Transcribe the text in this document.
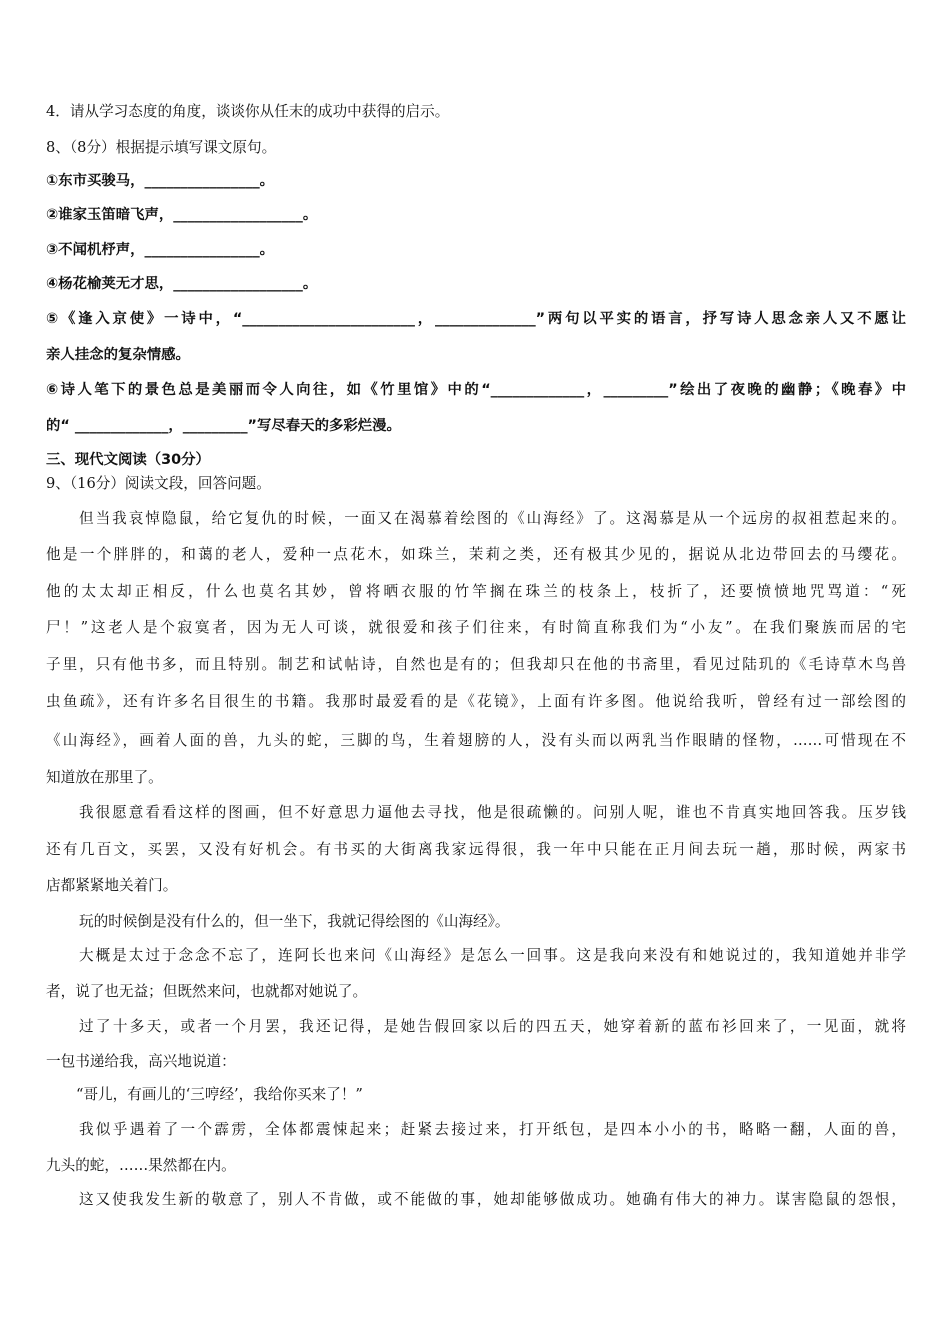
4．请从学习态度的角度，谈谈你从任末的成功中获得的启示。
8、（8分）根据提示填写课文原句。
①东市买骏马，________________。
②谁家玉笛暗飞声，__________________。
③不闻机杼声，________________。
④杨花榆荚无才思，__________________。
⑤《逢入京使》一诗中，“________________________，______________”两句以平实的语言，抒写诗人思念亲人又不愿让
亲人挂念的复杂情感。
⑥诗人笔下的景色总是美丽而令人向往，如《竹里馆》中的“_____________，_________”绘出了夜晚的幽静；《晚春》中
的“ _____________，_________”写尽春天的多彩烂漫。
三、现代文阅读（30分）
9、（16分）阅读文段，回答问题。
但当我哀悼隐鼠，给它复仇的时候，一面又在渴慕着绘图的《山海经》了。这渴慕是从一个远房的叔祖惹起来的。
他是一个胖胖的，和蔼的老人，爱种一点花木，如珠兰，茉莉之类，还有极其少见的，据说从北边带回去的马缨花。
他的太太却正相反，什么也莫名其妙，曾将晒衣服的竹竿搁在珠兰的枝条上，枝折了，还要愤愤地咒骂道：“死
尸！”这老人是个寂寞者，因为无人可谈，就很爱和孩子们往来，有时简直称我们为“小友”。在我们聚族而居的宅
子里，只有他书多，而且特别。制艺和试帖诗，自然也是有的；但我却只在他的书斋里，看见过陆玑的《毛诗草木鸟兽
虫鱼疏》，还有许多名目很生的书籍。我那时最爱看的是《花镜》，上面有许多图。他说给我听，曾经有过一部绘图的
《山海经》，画着人面的兽，九头的蛇，三脚的鸟，生着翅膀的人，没有头而以两乳当作眼睛的怪物，……可惜现在不
知道放在那里了。
我很愿意看看这样的图画，但不好意思力逼他去寻找，他是很疏懒的。问别人呢，谁也不肯真实地回答我。压岁钱
还有几百文，买罢，又没有好机会。有书买的大街离我家远得很，我一年中只能在正月间去玩一趟，那时候，两家书
店都紧紧地关着门。
玩的时候倒是没有什么的，但一坐下，我就记得绘图的《山海经》。
大概是太过于念念不忘了，连阿长也来问《山海经》是怎么一回事。这是我向来没有和她说过的，我知道她并非学
者，说了也无益；但既然来问，也就都对她说了。
过了十多天，或者一个月罢，我还记得，是她告假回家以后的四五天，她穿着新的蓝布衫回来了，一见面，就将
一包书递给我，高兴地说道：
“哥儿，有画儿的‘三哼经’，我给你买来了！”
我似乎遇着了一个霹雳，全体都震悚起来；赶紧去接过来，打开纸包，是四本小小的书，略略一翻，人面的兽，
九头的蛇，……果然都在内。
这又使我发生新的敬意了，别人不肯做，或不能做的事，她却能够做成功。她确有伟大的神力。谋害隐鼠的怨恨，
